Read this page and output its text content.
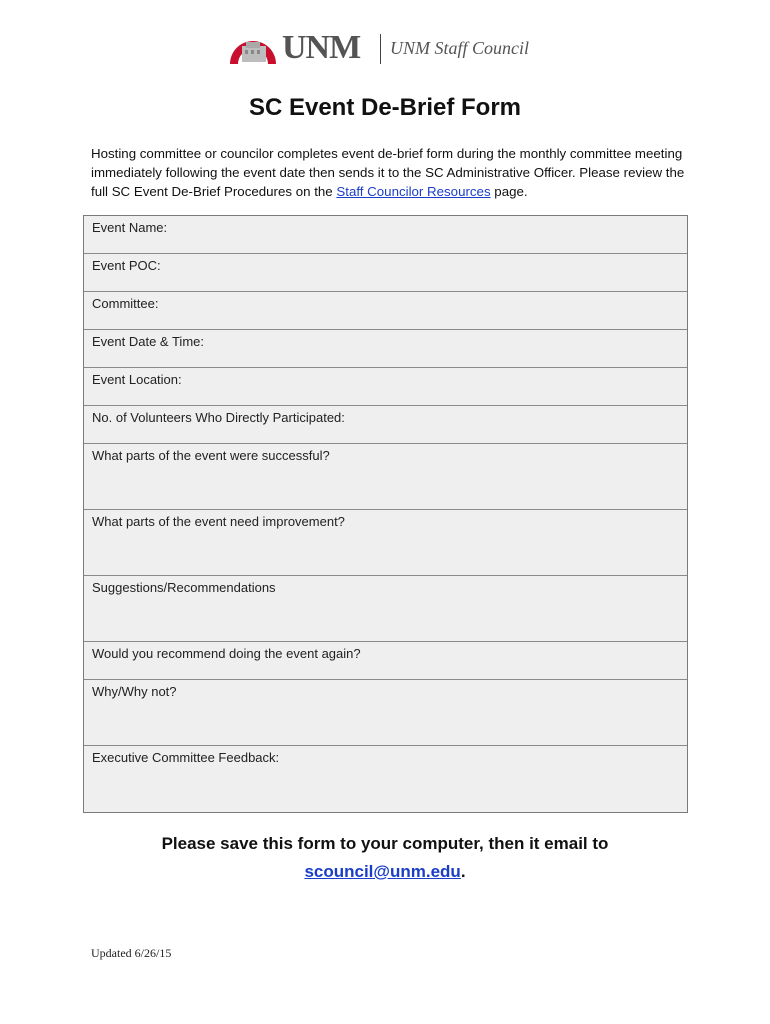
UNM UNM Staff Council
SC Event De-Brief Form
Hosting committee or councilor completes event de-brief form during the monthly committee meeting immediately following the event date then sends it to the SC Administrative Officer. Please review the full SC Event De-Brief Procedures on the Staff Councilor Resources page.
Event Name:
Event POC:
Committee:
Event Date & Time:
Event Location:
No. of Volunteers Who Directly Participated:
What parts of the event were successful?
What parts of the event need improvement?
Suggestions/Recommendations
Would you recommend doing the event again?
Why/Why not?
Executive Committee Feedback:
Please save this form to your computer, then it email to
scouncil@unm.edu.
Updated 6/26/15
